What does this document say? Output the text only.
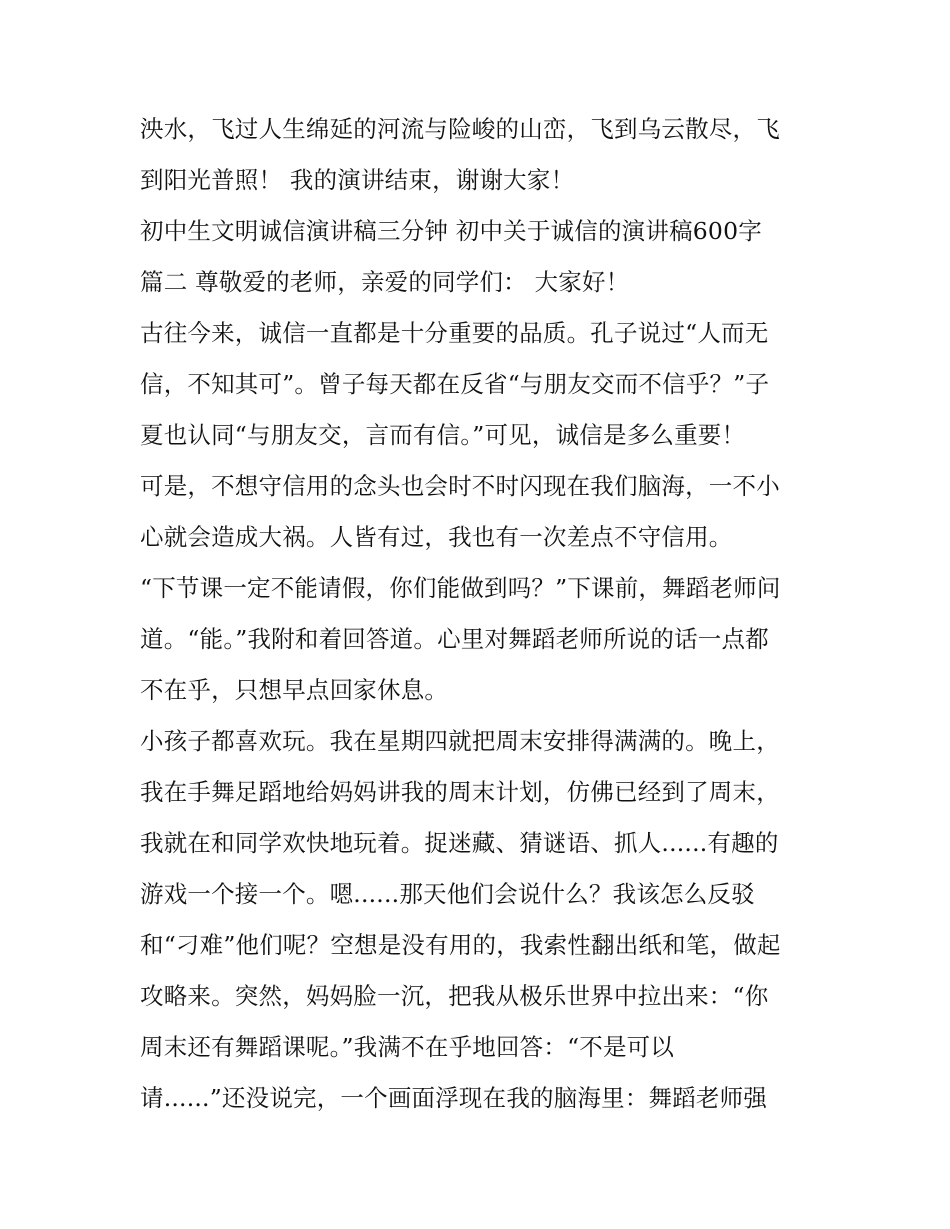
泱水，飞过人生绵延的河流与险峻的山峦，飞到乌云散尽，飞
到阳光普照！ 我的演讲结束，谢谢大家！
初中生文明诚信演讲稿三分钟 初中关于诚信的演讲稿600字
篇二 尊敬爱的老师，亲爱的同学们： 大家好！
古往今来，诚信一直都是十分重要的品质。孔子说过“人而无
信，不知其可”。曾子每天都在反省“与朋友交而不信乎？”子
夏也认同“与朋友交，言而有信。”可见，诚信是多么重要！
可是，不想守信用的念头也会时不时闪现在我们脑海，一不小
心就会造成大祸。人皆有过，我也有一次差点不守信用。
“下节课一定不能请假，你们能做到吗？”下课前，舞蹈老师问
道。“能。”我附和着回答道。心里对舞蹈老师所说的话一点都
不在乎，只想早点回家休息。
小孩子都喜欢玩。我在星期四就把周末安排得满满的。晚上，
我在手舞足蹈地给妈妈讲我的周末计划，仿佛已经到了周末，
我就在和同学欢快地玩着。捉迷藏、猜谜语、抓人......有趣的
游戏一个接一个。嗯......那天他们会说什么？我该怎么反驳
和“刁难”他们呢？空想是没有用的，我索性翻出纸和笔，做起
攻略来。突然，妈妈脸一沉，把我从极乐世界中拉出来：“你
周末还有舞蹈课呢。”我满不在乎地回答：“不是可以
请......”还没说完，一个画面浮现在我的脑海里：舞蹈老师强
